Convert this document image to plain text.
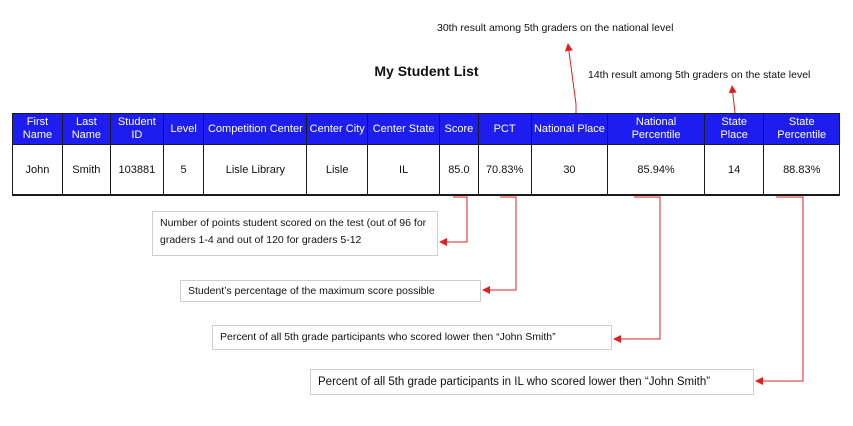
30th result among 5th graders on the national level
14th result among 5th graders on the state level
My Student List
First Name	Last Name	Student ID	Level	Competition Center	Center City	Center State	Score	PCT	National Place	National Percentile	State Place	State Percentile
John	Smith	103881	5	Lisle Library	Lisle	IL	85.0	70.83%	30	85.94%	14	88.83%
Number of points student scored on the test (out of 96 for graders 1-4 and out of 120 for graders 5-12
Student’s percentage of the maximum score possible
Percent of all 5th grade participants who scored lower then “John Smith”
Percent of all 5th grade participants in IL who scored lower then “John Smith”
